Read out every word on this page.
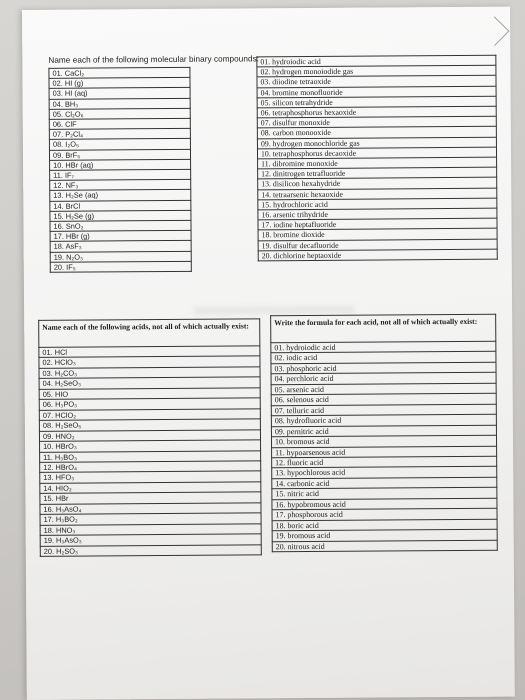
Name each of the following molecular binary compounds:
01. CaCl₂
02. HI (g)
03. HI (aq)
04. BH₃
05. Cl₂O₆
06. ClF
07. P₂Cl₄
08. I₂O₅
09. BrF₅
10. HBr (aq)
11. IF₇
12. NF₃
13. H₂Se (aq)
14. BrCl
15. H₂Se (g)
16. SnO₂
17. HBr (g)
18. AsF₃
19. N₂O₃
20. IF₅
01. hydroiodic acid
02. hydrogen monoiodide gas
03. diiodine tetraoxide
04. bromine monofluoride
05. silicon tetrahydride
06. tetraphosphorus hexaoxide
07. disulfur monoxide
08. carbon monooxide
09. hydrogen monochloride gas
10. tetraphosphorus decaoxide
11. dibromine monoxide
12. dinitrogen tetrafluoride
13. disilicon hexahydride
14. tetraarsenic hexaoxide
15. hydrochloric acid
16. arsenic trihydride
17. iodine heptafluoride
18. bromine dioxide
19. disulfur decafluoride
20. dichlorine heptaoxide
Name each of the following acids, not all of which actually exist:
01. HCl
02. HClO₃
03. H₂CO₃
04. H₂SeO₃
05. HIO
06. H₃PO₃
07. HClO₂
08. H₂SeO₅
09. HNO₂
10. HBrO₃
11. H₃BO₃
12. HBrO₄
13. HFO₃
14. HIO₂
15. HBr
16. H₃AsO₄
17. H₃BO₂
18. HNO₃
19. H₃AsO₃
20. H₂SO₃
Write the formula for each acid, not all of which actually exist:
01. hydroiodic acid
02. iodic acid
03. phosphoric acid
04. perchloric acid
05. arsenic acid
06. selenous acid
07. telluric acid
08. hydrofluoric acid
09. pernitric acid
10. bromous acid
11. hypoarsenous acid
12. fluoric acid
13. hypochlorous acid
14. carbonic acid
15. nitric acid
16. hypobromous acid
17. phosphorous acid
18. boric acid
19. bromous acid
20. nitrous acid
